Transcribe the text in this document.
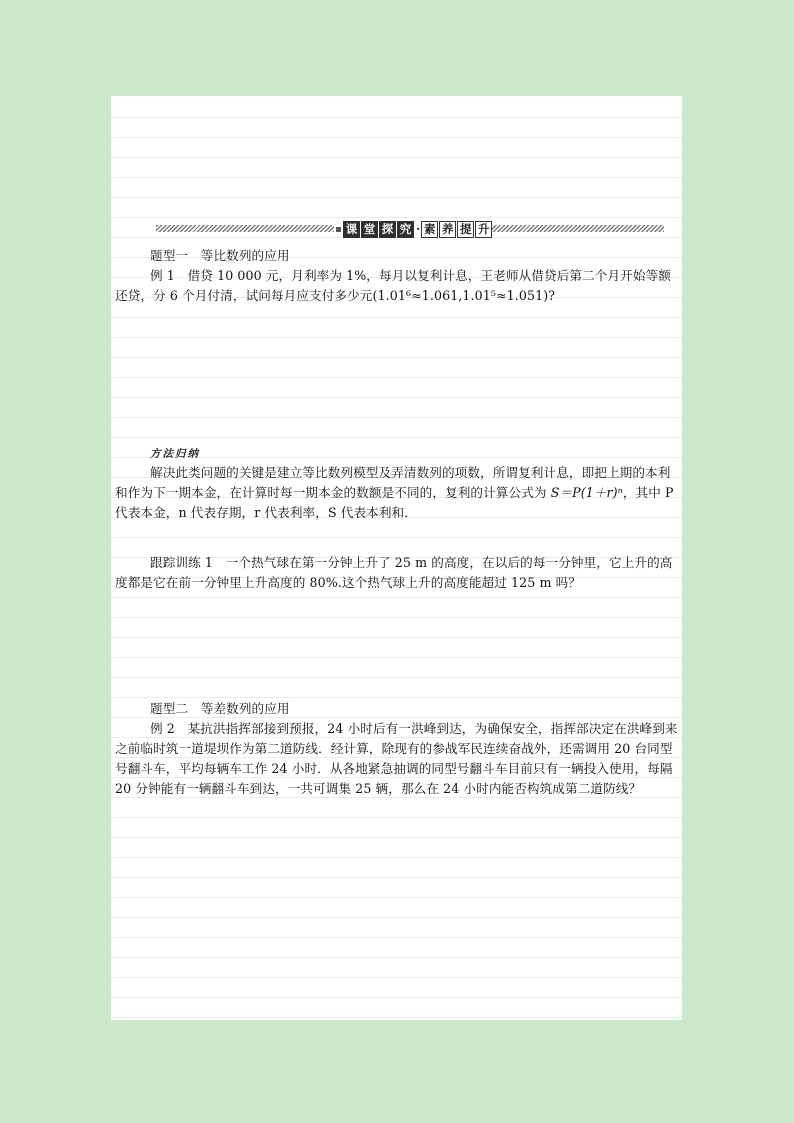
课 堂 探 究 · 素 养 提 升

题型一　等比数列的应用

例 1　借贷 10 000 元，月利率为 1%，每月以复利计息，王老师从借贷后第二个月开始等额还贷，分 6 个月付清，试问每月应支付多少元(1.01⁶≈1.061,1.01⁵≈1.051)?

方法归纳

解决此类问题的关键是建立等比数列模型及弄清数列的项数，所谓复利计息，即把上期的本利和作为下一期本金，在计算时每一期本金的数额是不同的，复利的计算公式为 S＝P(1＋r)ⁿ，其中 P 代表本金，n 代表存期，r 代表利率，S 代表本利和．

跟踪训练 1　一个热气球在第一分钟上升了 25 m 的高度，在以后的每一分钟里，它上升的高度都是它在前一分钟里上升高度的 80%.这个热气球上升的高度能超过 125 m 吗？

题型二　等差数列的应用

例 2　某抗洪指挥部接到预报，24 小时后有一洪峰到达，为确保安全，指挥部决定在洪峰到来之前临时筑一道堤坝作为第二道防线．经计算，除现有的参战军民连续奋战外，还需调用 20 台同型号翻斗车，平均每辆车工作 24 小时．从各地紧急抽调的同型号翻斗车目前只有一辆投入使用，每隔 20 分钟能有一辆翻斗车到达，一共可调集 25 辆，那么在 24 小时内能否构筑成第二道防线？
